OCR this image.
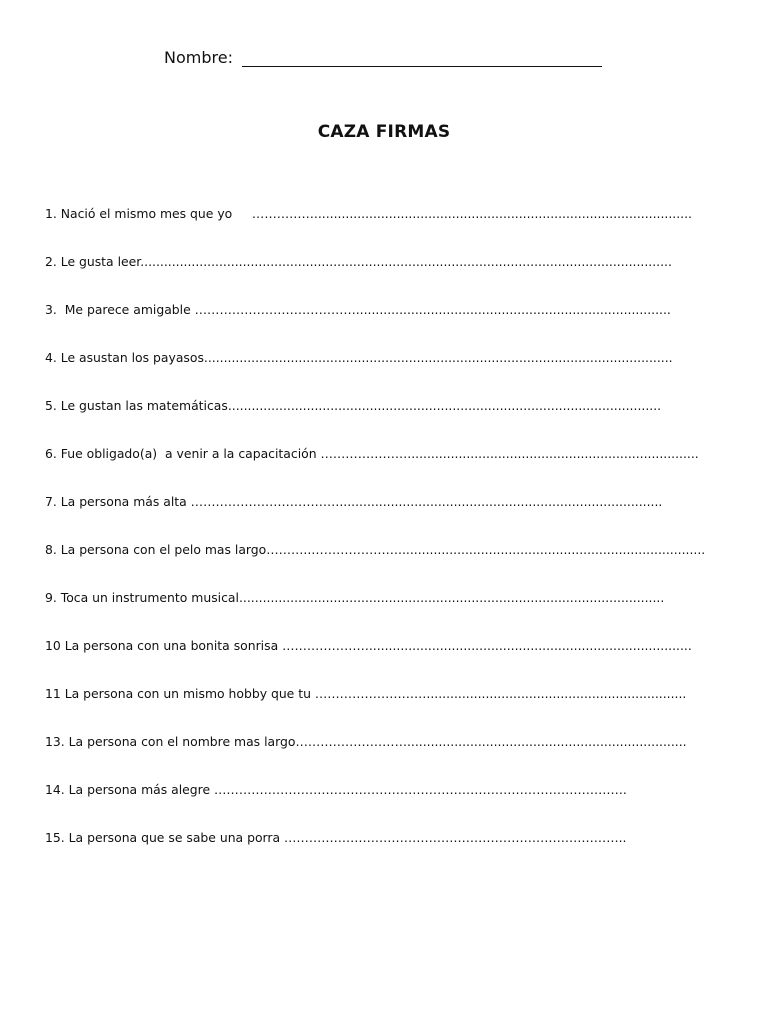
Nombre:
CAZA FIRMAS
1. Nació el mismo mes que yo     ……………................................................................................................
2. Le gusta leer.......................................................................................................................................
3.  Me parece amigable …………………………………................................................................................
4. Le asustan los payasos.......................................................................................................................
5. Le gustan las matemáticas..............................................................................................................
6. Fue obligado(a)  a venir a la capacitación …………………..........................................................................
7. La persona más alta ………………………………..................................................................................
8. La persona con el pelo mas largo………..…………………..............................................................................
9. Toca un instrumento musical............................................................................................................
10 La persona con una bonita sonrisa …………………..................................................................................
11 La persona con un mismo hobby que tu ………………………..................................................................
13. La persona con el nombre mas largo……………………….......................................................................
14. La persona más alegre ……………………………………………………………………………………….
15. La persona que se sabe una porra ………………………………………………………………………..
